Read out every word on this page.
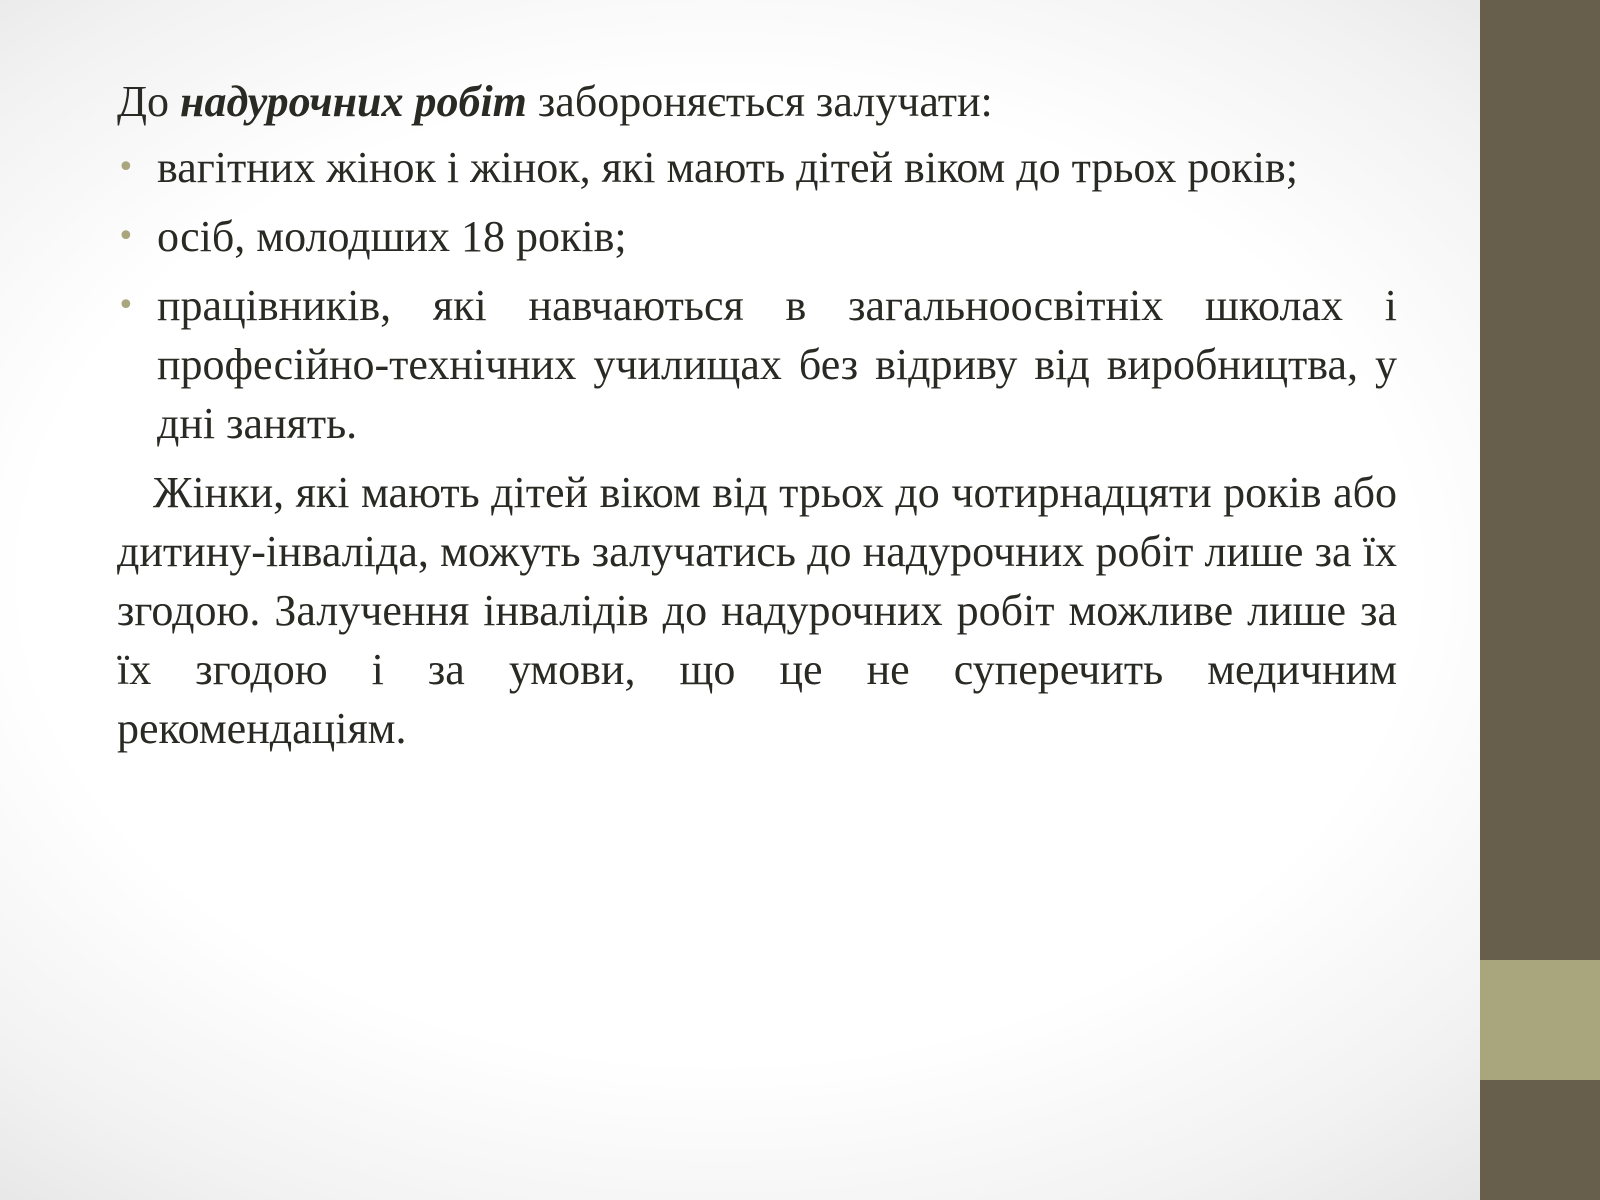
До надурочних робіт забороняється залучати:

• вагітних жінок і жінок, які мають дітей віком до трьох років;
• осіб, молодших 18 років;
• працівників, які навчаються в загальноосвітніх школах і професійно-технічних училищах без відриву від виробництва, у дні занять.

Жінки, які мають дітей віком від трьох до чотирнадцяти років або дитину-інваліда, можуть залучатись до надурочних робіт лише за їх згодою. Залучення інвалідів до надурочних робіт можливе лише за їх згодою і за умови, що це не суперечить медичним рекомендаціям.
